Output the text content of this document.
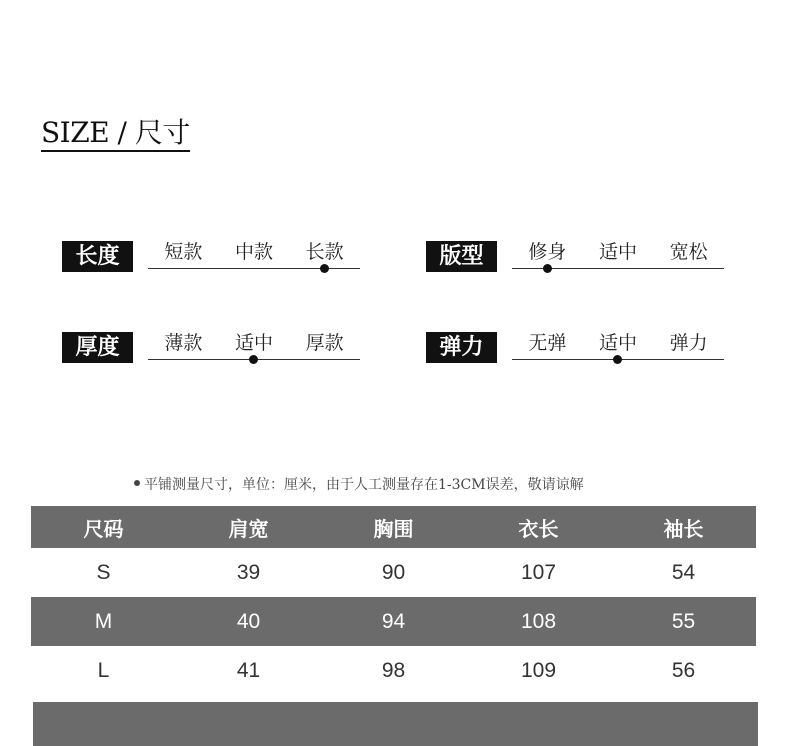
SIZE / 尺寸
长度	短款 中款 长款	版型	修身 适中 宽松
厚度	薄款 适中 厚款	弹力	无弹 适中 弹力
平铺测量尺寸，单位：厘米，由于人工测量存在1-3CM误差，敬请谅解
尺码	肩宽	胸围	衣长	袖长
S	39	90	107	54
M	40	94	108	55
L	41	98	109	56
